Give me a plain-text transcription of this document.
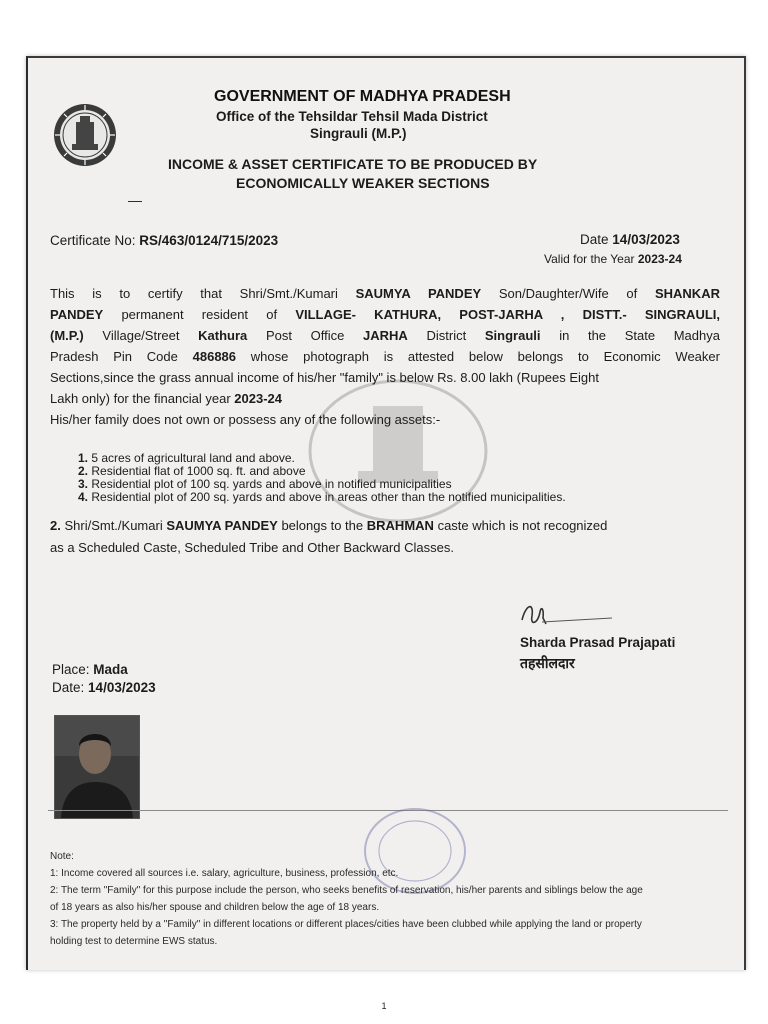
GOVERNMENT OF MADHYA PRADESH
Office of the Tehsildar Tehsil Mada District
Singrauli (M.P.)
INCOME & ASSET CERTIFICATE TO BE PRODUCED BY
ECONOMICALLY WEAKER SECTIONS
—
Certificate No: RS/463/0124/715/2023	Date 14/03/2023
Valid for the Year 2023-24
This is to certify that Shri/Smt./Kumari SAUMYA PANDEY Son/Daughter/Wife of SHANKAR
PANDEY permanent resident of VILLAGE- KATHURA, POST-JARHA , DISTT.- SINGRAULI,
(M.P.) Village/Street Kathura Post Office JARHA District Singrauli in the State Madhya
Pradesh Pin Code 486886 whose photograph is attested below belongs to Economic Weaker
Sections,since the grass annual income of his/her "family" is below Rs. 8.00 lakh (Rupees Eight
Lakh only) for the financial year 2023-24
His/her family does not own or possess any of the following assets:-
1. 5 acres of agricultural land and above.
2. Residential flat of 1000 sq. ft. and above
3. Residential plot of 100 sq. yards and above in notified municipalities
4. Residential plot of 200 sq. yards and above in areas other than the notified municipalities.
2. Shri/Smt./Kumari SAUMYA PANDEY belongs to the BRAHMAN caste which is not recognized
as a Scheduled Caste, Scheduled Tribe and Other Backward Classes.
Sharda Prasad Prajapati
तहसीलदार
Place: Mada
Date: 14/03/2023
Note:
1: Income covered all sources i.e. salary, agriculture, business, profession, etc.
2: The term "Family" for this purpose include the person, who seeks benefits of reservation, his/her parents and siblings below the age
of 18 years as also his/her spouse and children below the age of 18 years.
3: The property held by a "Family" in different locations or different places/cities have been clubbed while applying the land or property
holding test to determine EWS status.
1
